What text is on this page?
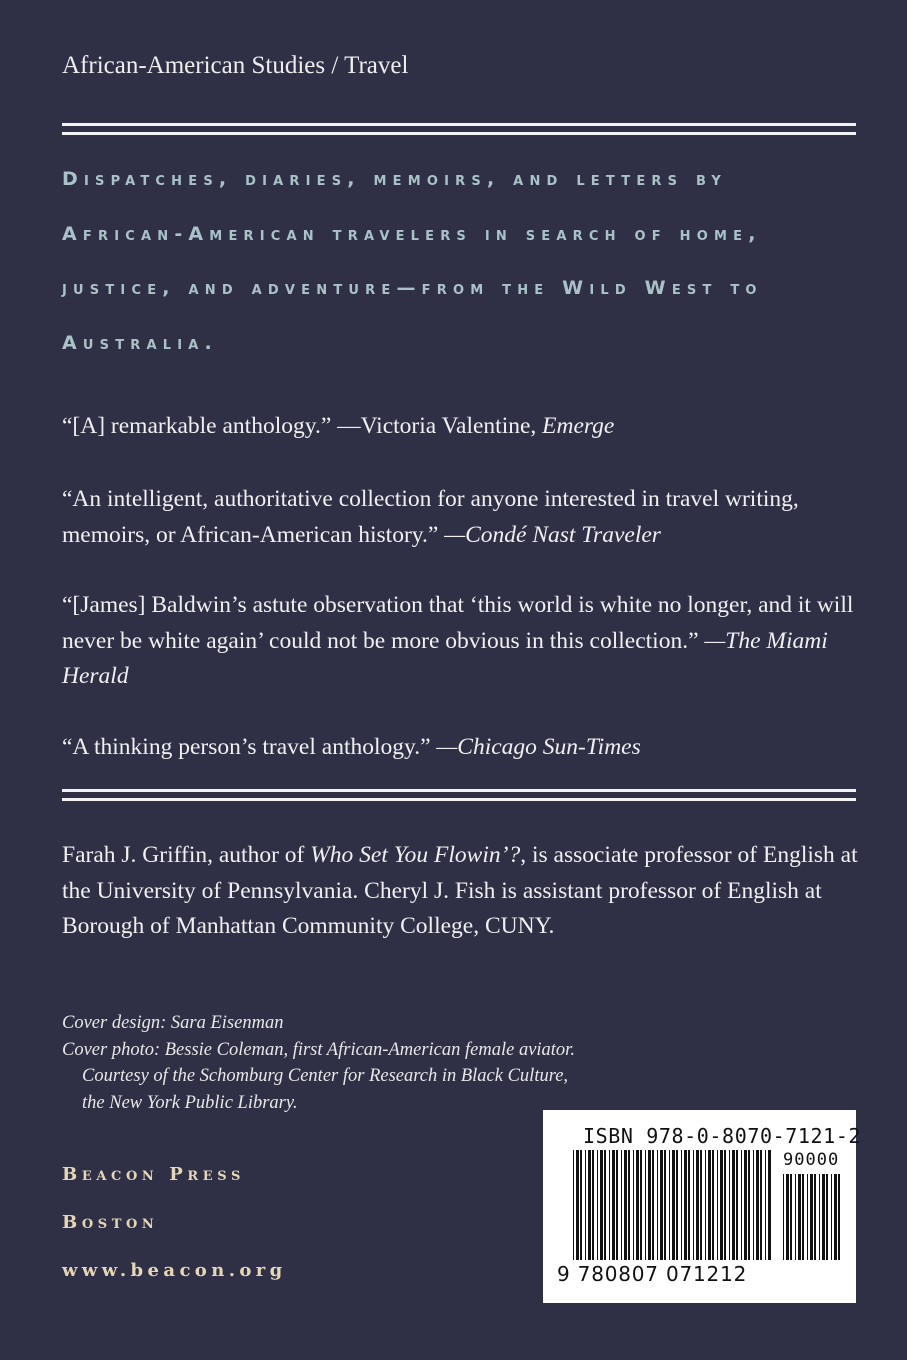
African-American Studies / Travel
Dispatches, diaries, memoirs, and letters by African-American travelers in search of home, justice, and adventure—from the Wild West to Australia.
“[A] remarkable anthology.” —Victoria Valentine, Emerge
“An intelligent, authoritative collection for anyone interested in travel writing, memoirs, or African-American history.” —Condé Nast Traveler
“[James] Baldwin’s astute observation that ‘this world is white no longer, and it will never be white again’ could not be more obvious in this collection.” —The Miami Herald
“A thinking person’s travel anthology.” —Chicago Sun-Times
Farah J. Griffin, author of Who Set You Flowin’?, is associate professor of English at the University of Pennsylvania. Cheryl J. Fish is assistant professor of English at Borough of Manhattan Community College, CUNY.
Cover design: Sara Eisenman
Cover photo: Bessie Coleman, first African-American female aviator.
Courtesy of the Schomburg Center for Research in Black Culture,
the New York Public Library.
Beacon Press
Boston
www.beacon.org
ISBN 978-0-8070-7121-2
90000
9 780807 071212
